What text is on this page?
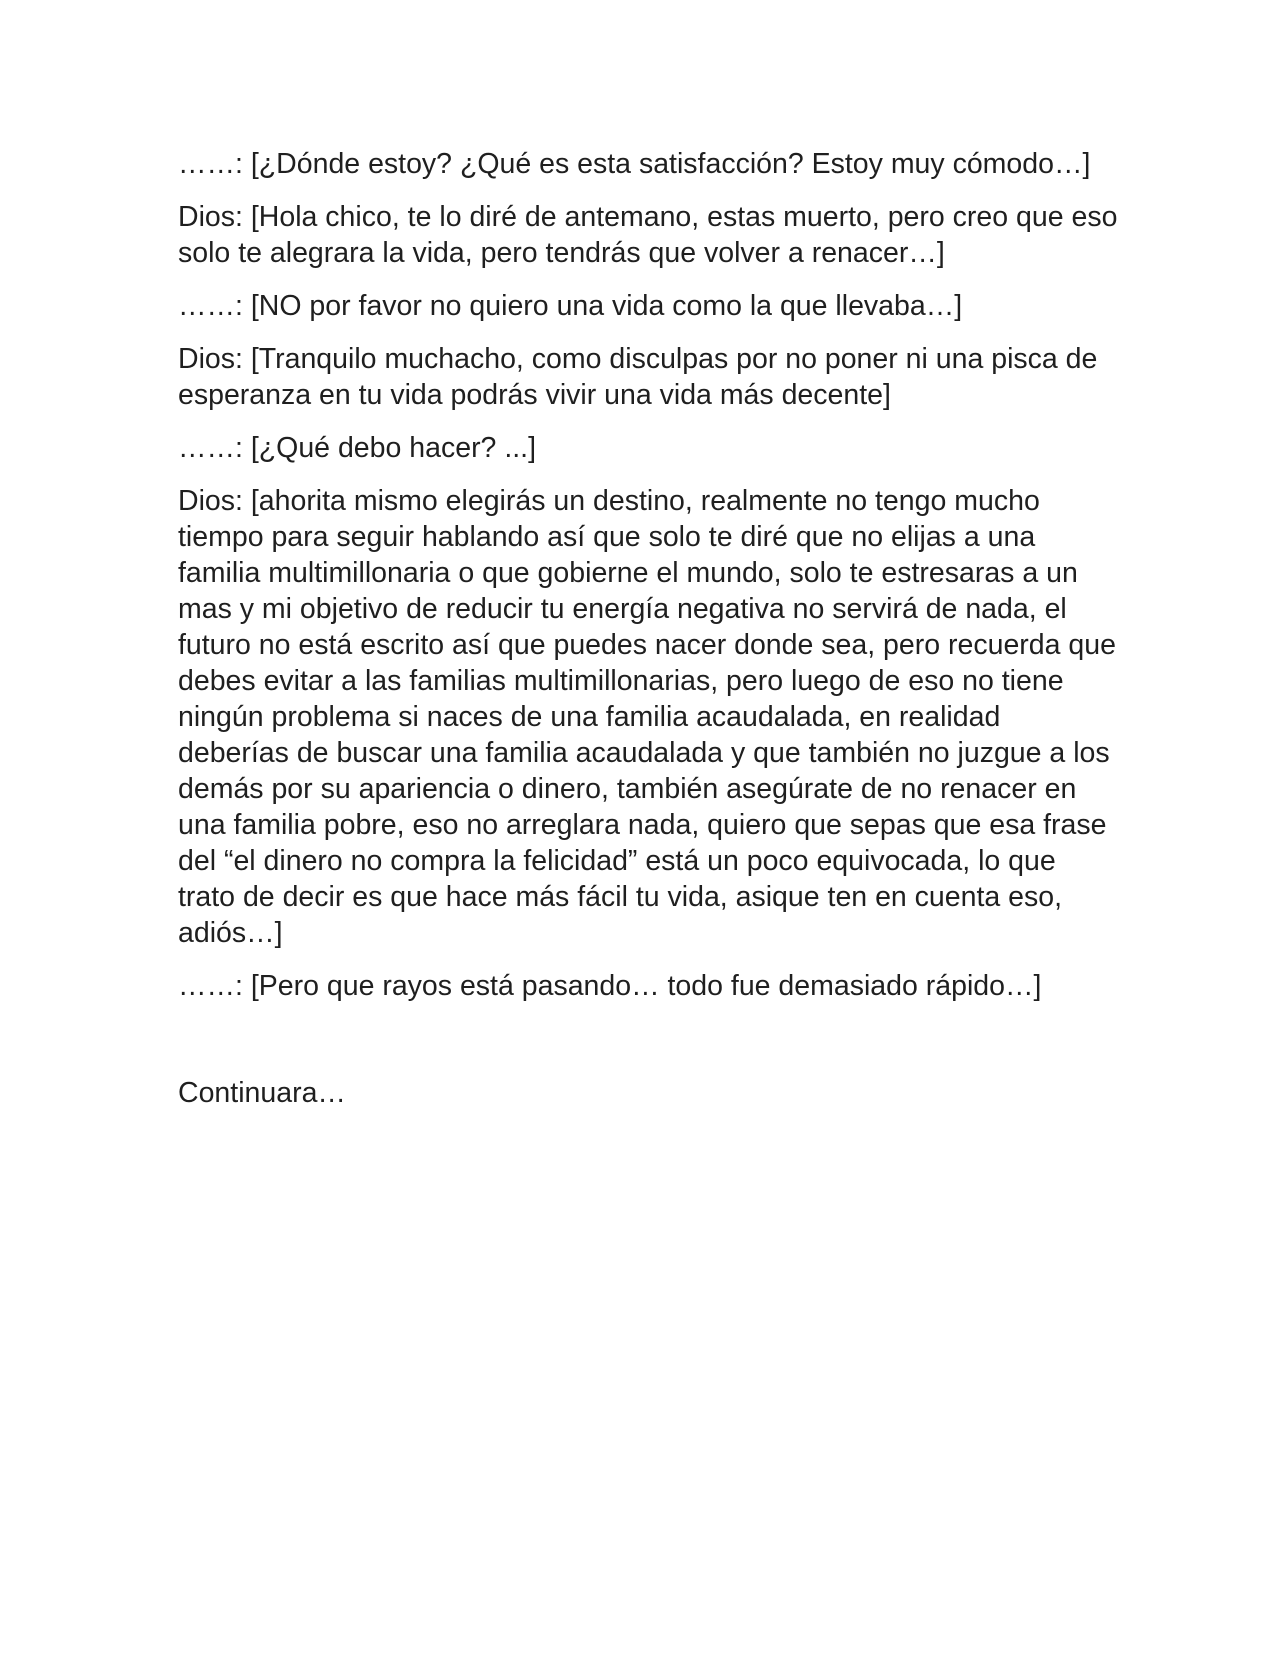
……: [¿Dónde estoy? ¿Qué es esta satisfacción? Estoy muy cómodo…]

Dios: [Hola chico, te lo diré de antemano, estas muerto, pero creo que eso solo te alegrara la vida, pero tendrás que volver a renacer…]

……: [NO por favor no quiero una vida como la que llevaba…]

Dios: [Tranquilo muchacho, como disculpas por no poner ni una pisca de esperanza en tu vida podrás vivir una vida más decente]

……: [¿Qué debo hacer? ...]

Dios: [ahorita mismo elegirás un destino, realmente no tengo mucho tiempo para seguir hablando así que solo te diré que no elijas a una familia multimillonaria o que gobierne el mundo, solo te estresaras a un mas y mi objetivo de reducir tu energía negativa no servirá de nada, el futuro no está escrito así que puedes nacer donde sea, pero recuerda que debes evitar a las familias multimillonarias, pero luego de eso no tiene ningún problema si naces de una familia acaudalada, en realidad deberías de buscar una familia acaudalada y que también no juzgue a los demás por su apariencia o dinero, también asegúrate de no renacer en una familia pobre, eso no arreglara nada, quiero que sepas que esa frase del “el dinero no compra la felicidad” está un poco equivocada, lo que trato de decir es que hace más fácil tu vida, asique ten en cuenta eso, adiós…]

……: [Pero que rayos está pasando… todo fue demasiado rápido…]

Continuara…
